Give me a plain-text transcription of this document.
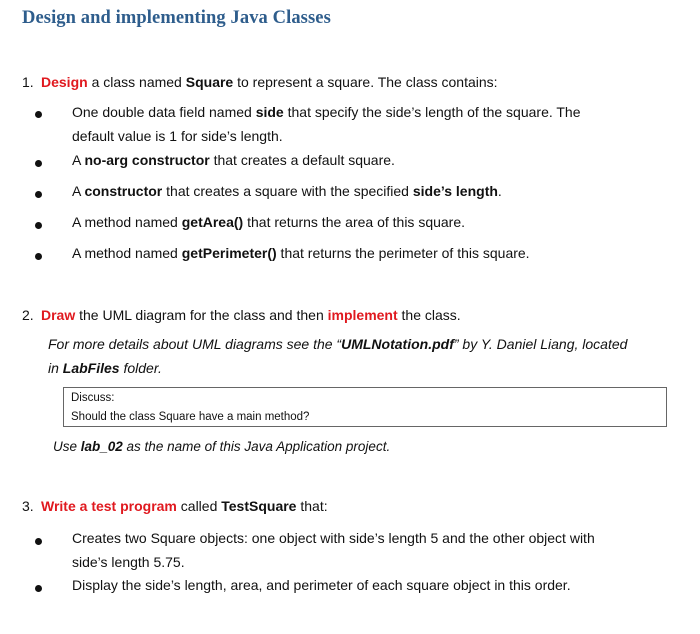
Design and implementing Java Classes
1. Design a class named Square to represent a square. The class contains:
One double data field named side that specify the side’s length of the square. The
default value is 1 for side’s length.
A no-arg constructor that creates a default square.
A constructor that creates a square with the specified side’s length.
A method named getArea() that returns the area of this square.
A method named getPerimeter() that returns the perimeter of this square.
2. Draw the UML diagram for the class and then implement the class.
For more details about UML diagrams see the “UMLNotation.pdf” by Y. Daniel Liang, located
in LabFiles folder.
Discuss:
Should the class Square have a main method?
Use lab_02 as the name of this Java Application project.
3. Write a test program called TestSquare that:
Creates two Square objects: one object with side’s length 5 and the other object with
side’s length 5.75.
Display the side’s length, area, and perimeter of each square object in this order.
